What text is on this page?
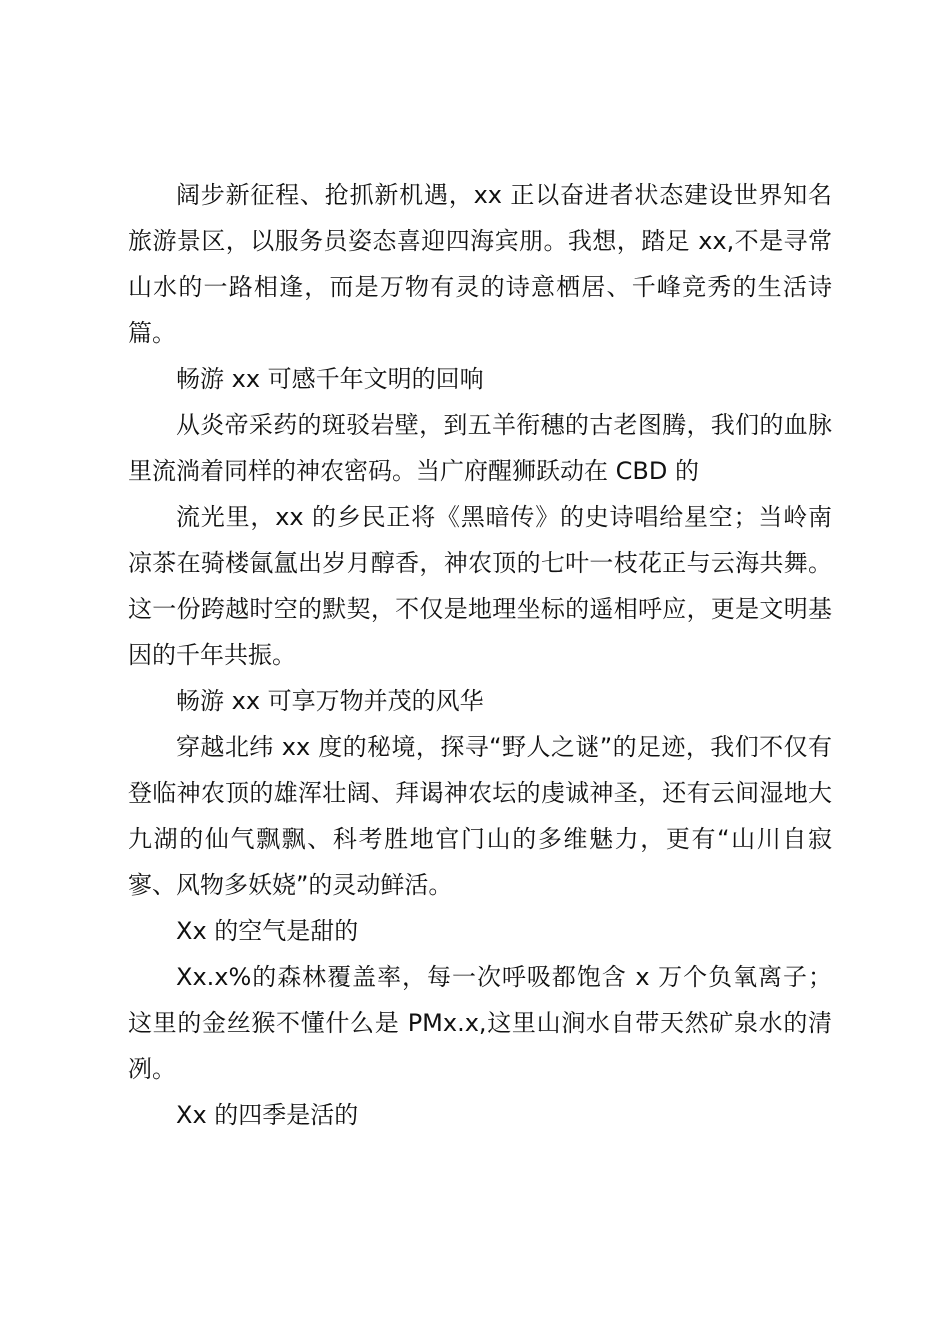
阔步新征程、抢抓新机遇，xx 正以奋进者状态建设世界知名旅游景区，以服务员姿态喜迎四海宾朋。我想，踏足 xx,不是寻常山水的一路相逢，而是万物有灵的诗意栖居、千峰竞秀的生活诗篇。

畅游 xx 可感千年文明的回响

从炎帝采药的斑驳岩壁，到五羊衔穗的古老图腾，我们的血脉里流淌着同样的神农密码。当广府醒狮跃动在 CBD 的

流光里，xx 的乡民正将《黑暗传》的史诗唱给星空；当岭南凉茶在骑楼氤氲出岁月醇香，神农顶的七叶一枝花正与云海共舞。这一份跨越时空的默契，不仅是地理坐标的遥相呼应，更是文明基因的千年共振。

畅游 xx 可享万物并茂的风华

穿越北纬 xx 度的秘境，探寻“野人之谜”的足迹，我们不仅有登临神农顶的雄浑壮阔、拜谒神农坛的虔诚神圣，还有云间湿地大九湖的仙气飘飘、科考胜地官门山的多维魅力，更有“山川自寂寥、风物多妖娆”的灵动鲜活。

Xx 的空气是甜的

Xx.x%的森林覆盖率，每一次呼吸都饱含 x 万个负氧离子；这里的金丝猴不懂什么是 PMx.x,这里山涧水自带天然矿泉水的清冽。

Xx 的四季是活的
